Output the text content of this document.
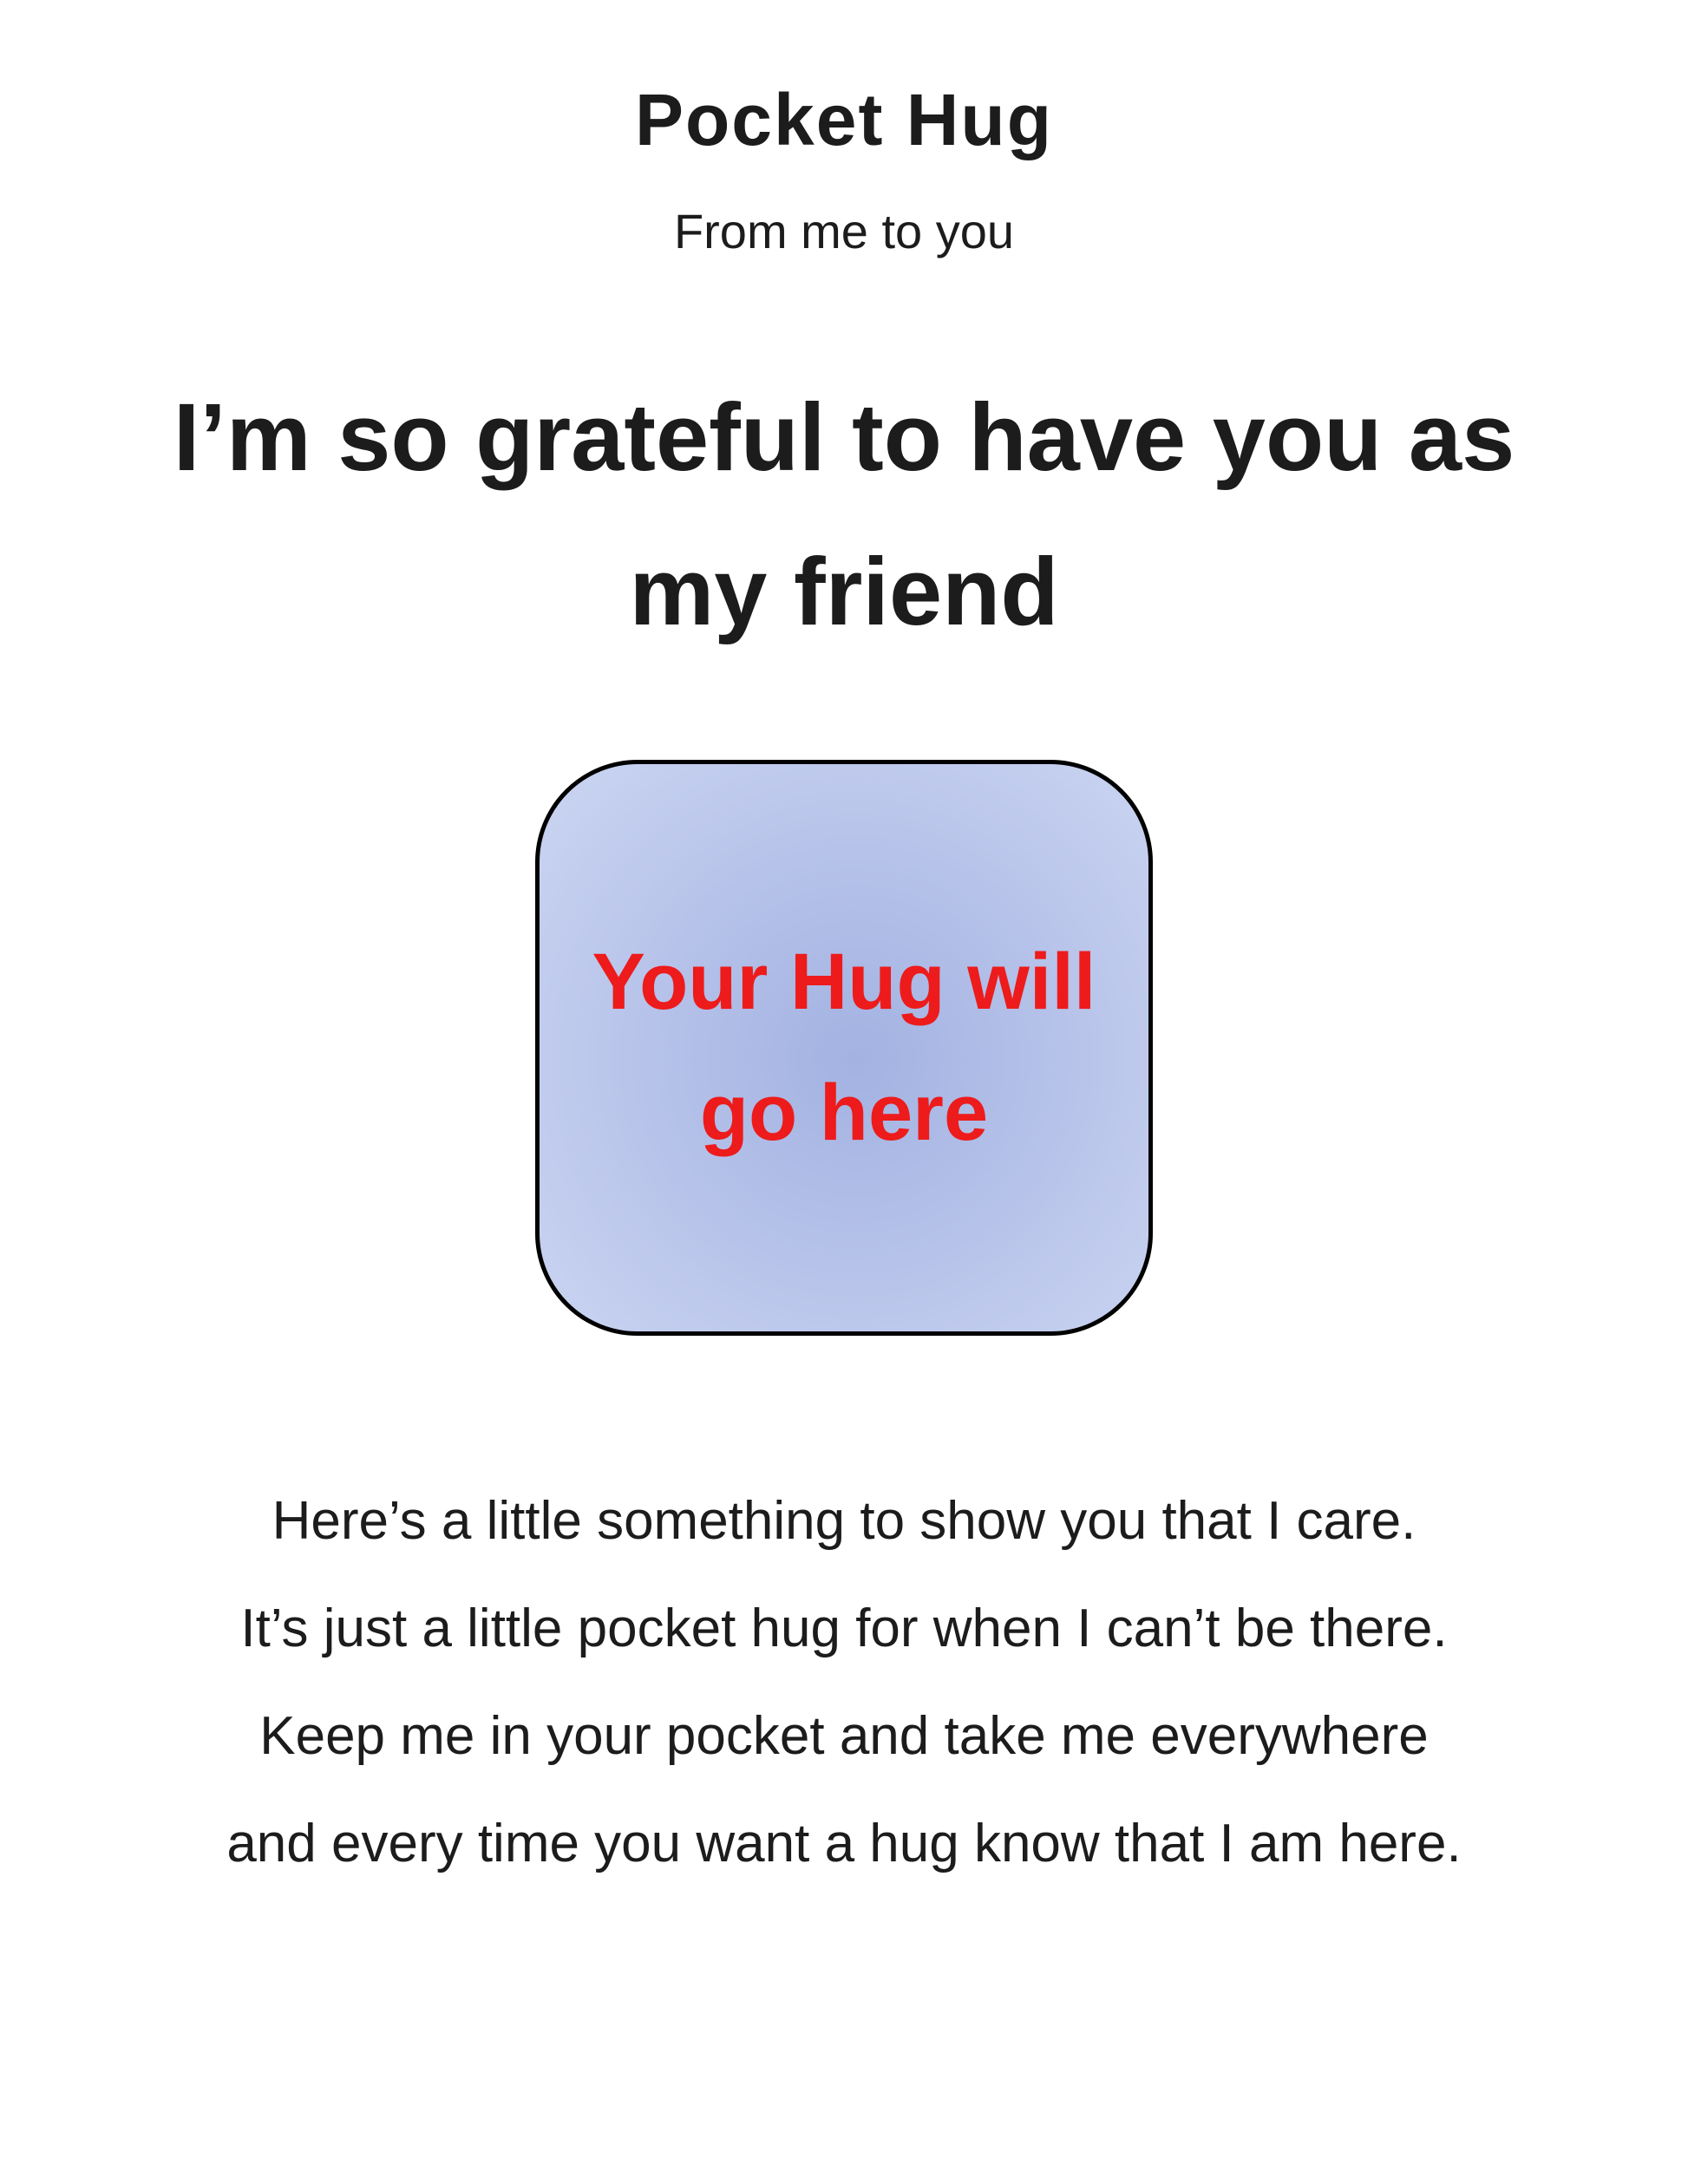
Pocket Hug
From me to you
I’m so grateful to have you as
my friend
Your Hug will
go here
Here’s a little something to show you that I care.
It’s just a little pocket hug for when I can’t be there.
Keep me in your pocket and take me everywhere
and every time you want a hug know that I am here.
